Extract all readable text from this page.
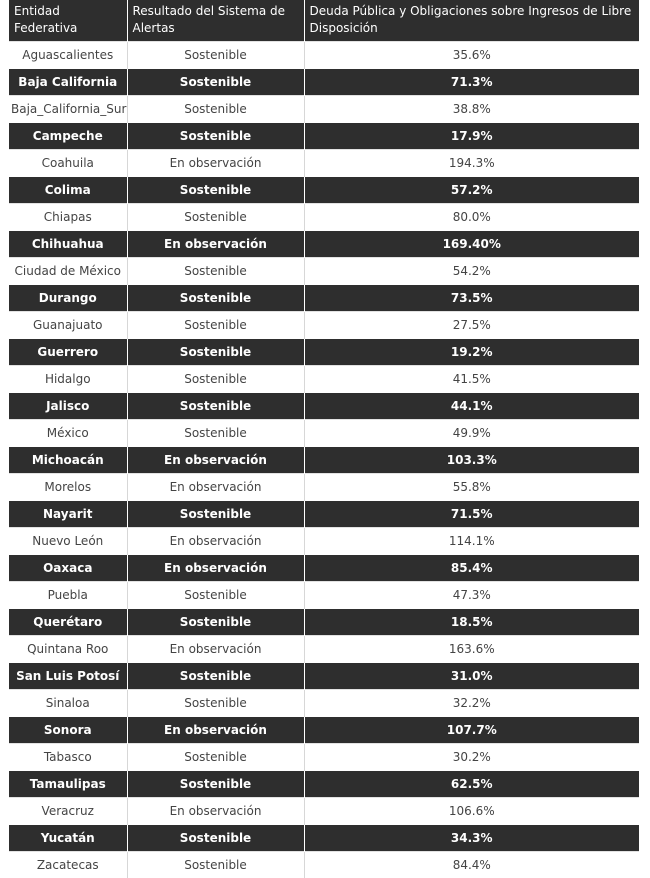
Entidad Federativa	Resultado del Sistema de Alertas	Deuda Pública y Obligaciones sobre Ingresos de Libre Disposición
Aguascalientes	Sostenible	35.6%
Baja California	Sostenible	71.3%
Baja_California_Sur	Sostenible	38.8%
Campeche	Sostenible	17.9%
Coahuila	En observación	194.3%
Colima	Sostenible	57.2%
Chiapas	Sostenible	80.0%
Chihuahua	En observación	169.40%
Ciudad de México	Sostenible	54.2%
Durango	Sostenible	73.5%
Guanajuato	Sostenible	27.5%
Guerrero	Sostenible	19.2%
Hidalgo	Sostenible	41.5%
Jalisco	Sostenible	44.1%
México	Sostenible	49.9%
Michoacán	En observación	103.3%
Morelos	En observación	55.8%
Nayarit	Sostenible	71.5%
Nuevo León	En observación	114.1%
Oaxaca	En observación	85.4%
Puebla	Sostenible	47.3%
Querétaro	Sostenible	18.5%
Quintana Roo	En observación	163.6%
San Luis Potosí	Sostenible	31.0%
Sinaloa	Sostenible	32.2%
Sonora	En observación	107.7%
Tabasco	Sostenible	30.2%
Tamaulipas	Sostenible	62.5%
Veracruz	En observación	106.6%
Yucatán	Sostenible	34.3%
Zacatecas	Sostenible	84.4%
